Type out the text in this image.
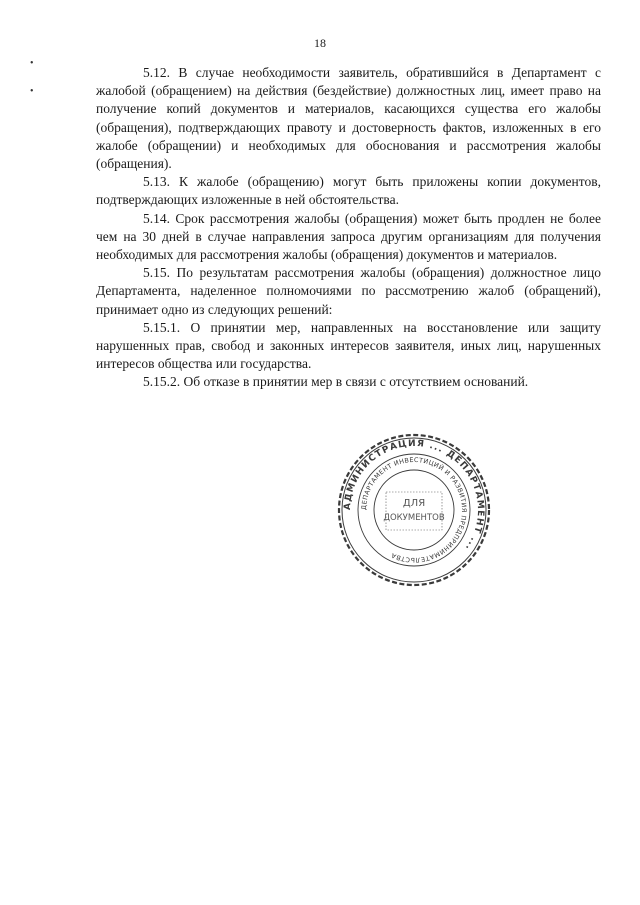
18
•
•

5.12. В случае необходимости заявитель, обратившийся в Департамент с жалобой (обращением) на действия (бездействие) должностных лиц, имеет право на получение копий документов и материалов, касающихся существа его жалобы (обращения), подтверждающих правоту и достоверность фактов, изложенных в его жалобе (обращении) и необходимых для обоснования и рассмотрения жалобы (обращения).

5.13. К жалобе (обращению) могут быть приложены копии документов, подтверждающих изложенные в ней обстоятельства.

5.14. Срок рассмотрения жалобы (обращения) может быть продлен не более чем на 30 дней в случае направления запроса другим организациям для получения необходимых для рассмотрения жалобы (обращения) документов и материалов.

5.15. По результатам рассмотрения жалобы (обращения) должностное лицо Департамента, наделенное полномочиями по рассмотрению жалоб (обращений), принимает одно из следующих решений:

5.15.1. О принятии мер, направленных на восстановление или защиту нарушенных прав, свобод и законных интересов заявителя, иных лиц, нарушенных интересов общества или государства.

5.15.2. Об отказе в принятии мер в связи с отсутствием оснований.

АДМИНИСТРАЦИЯ ... ДЕПАРТАМЕНТ ...
ДЕПАРТАМЕНТ ИНВЕСТИЦИЙ И РАЗВИТИЯ ПРЕДПРИНИМАТЕЛЬСТВА
ДЛЯ
ДОКУМЕНТОВ
